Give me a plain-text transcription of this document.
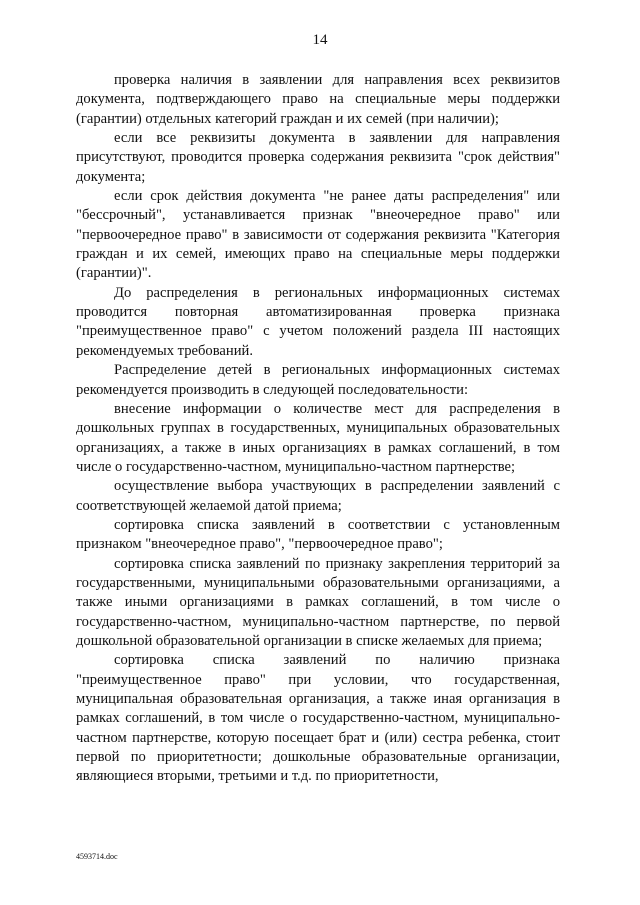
14

проверка наличия в заявлении для направления всех реквизитов документа, подтверждающего право на специальные меры поддержки (гарантии) отдельных категорий граждан и их семей (при наличии);

если все реквизиты документа в заявлении для направления присутствуют, проводится проверка содержания реквизита "срок действия" документа;

если срок действия документа "не ранее даты распределения" или "бессрочный", устанавливается признак "внеочередное право" или "первоочередное право" в зависимости от содержания реквизита "Категория граждан и их семей, имеющих право на специальные меры поддержки (гарантии)".

До распределения в региональных информационных системах проводится повторная автоматизированная проверка признака "преимущественное право" с учетом положений раздела III настоящих рекомендуемых требований.

Распределение детей в региональных информационных системах рекомендуется производить в следующей последовательности:

внесение информации о количестве мест для распределения в дошкольных группах в государственных, муниципальных образовательных организациях, а также в иных организациях в рамках соглашений, в том числе о государственно-частном, муниципально-частном партнерстве;

осуществление выбора участвующих в распределении заявлений с соответствующей желаемой датой приема;

сортировка списка заявлений в соответствии с установленным признаком "внеочередное право", "первоочередное право";

сортировка списка заявлений по признаку закрепления территорий за государственными, муниципальными образовательными организациями, а также иными организациями в рамках соглашений, в том числе о государственно-частном, муниципально-частном партнерстве, по первой дошкольной образовательной организации в списке желаемых для приема;

сортировка списка заявлений по наличию признака "преимущественное право" при условии, что государственная, муниципальная образовательная организация, а также иная организация в рамках соглашений, в том числе о государственно-частном, муниципально-частном партнерстве, которую посещает брат и (или) сестра ребенка, стоит первой по приоритетности; дошкольные образовательные организации, являющиеся вторыми, третьими и т.д. по приоритетности,

4593714.doc
